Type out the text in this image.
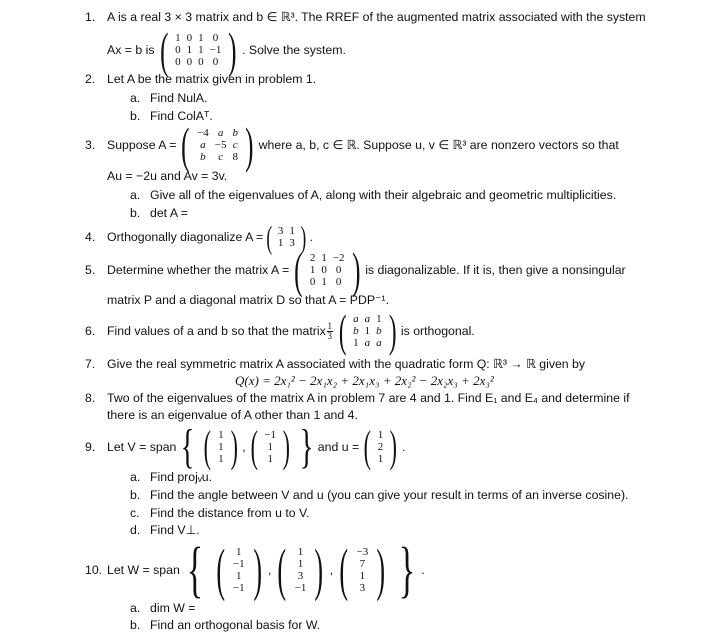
1. A is a real 3 × 3 matrix and b ∈ ℝ³. The RREF of the augmented matrix associated with the system
Ax = b is ( 1 0 1 0
0 1 1 −1
0 0 0 0 ) . Solve the system.
2. Let A be the matrix given in problem 1.
a. Find NulA.
b. Find ColAᵀ.
3. Suppose A = ( −4 a b
a −5 c
b	c 8 ) where a, b, c ∈ ℝ. Suppose u, v ∈ ℝ³ are nonzero vectors so that
Au = −2u and Av = 3v.
a. Give all of the eigenvalues of A, along with their algebraic and geometric multiplicities.
b. det A =
4. Orthogonally diagonalize A = ( 3 1
1 3 ) .
5. Determine whether the matrix A = ( 2 1 −2
1 0 0
0 1 0 ) is diagonalizable. If it is, then give a nonsingular
matrix P and a diagonal matrix D so that A = PDP⁻¹.
6. Find values of a and b so that the matrix $\frac{1}{3}$ ( a a 1
b 1 b
1 a a ) is orthogonal.
7. Give the real symmetric matrix A associated with the quadratic form Q: ℝ³ → ℝ given by
Q(x) = 2x₁² − 2x₁x₂ + 2x₁x₃ + 2x₂² − 2x₂x₃ + 2x₃²
8. Two of the eigenvalues of the matrix A in problem 7 are 4 and 1. Find E₁ and E₄ and determine if
there is an eigenvalue of A other than 1 and 4.
9. Let V = span { ( 1
1
1 ) , ( −1
1
1 ) } and u = ( 1
2
1 ) .
a. Find projᵥu.
b. Find the angle between V and u (you can give your result in terms of an inverse cosine).
c. Find the distance from u to V.
d. Find V⊥.
10. Let W = span { (	1
−1
1
−1 ) , (	1
1
3
−1 ) , ( −3
7
1
3 ) } .
a. dim W =
b. Find an orthogonal basis for W.
